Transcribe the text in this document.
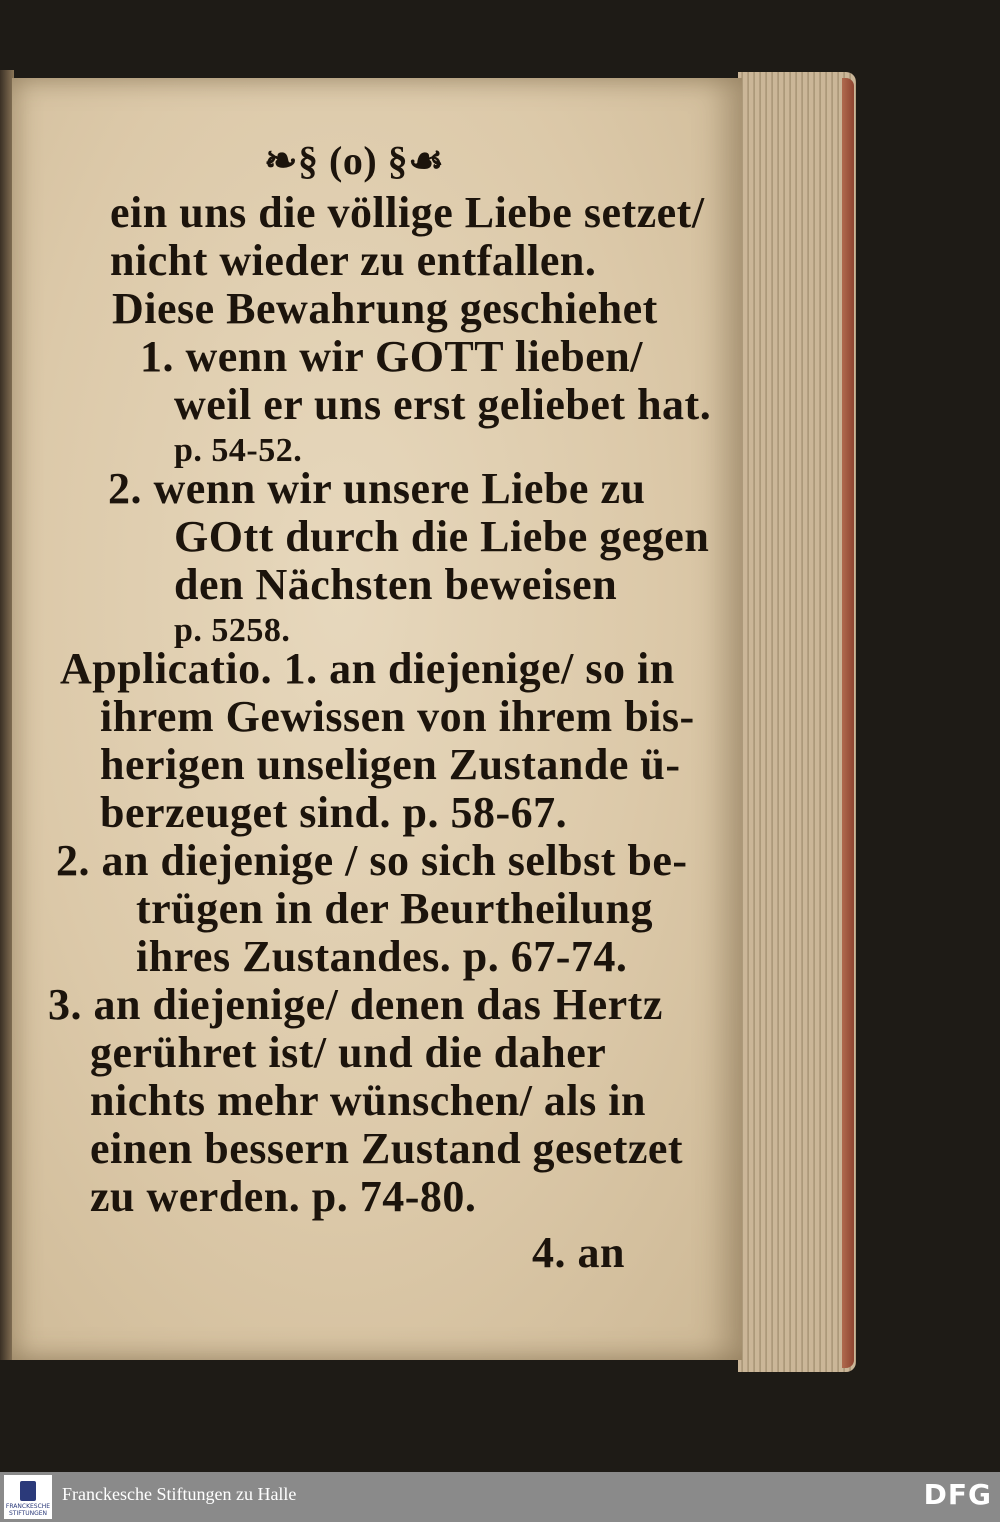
❧§ (o) §☙
ein uns die völlige Liebe setzet/
nicht wieder zu entfallen.
Diese Bewahrung geschiehet
1. wenn wir GOTT lieben/
weil er uns erst geliebet hat.
p. 54-52.
2. wenn wir unsere Liebe zu
GOtt durch die Liebe gegen
den Nächsten beweisen
p. 5258.
Applicatio. 1. an diejenige/ so in
ihrem Gewissen von ihrem bis-
herigen unseligen Zustande ü-
berzeuget sind. p. 58-67.
2. an diejenige / so sich selbst be-
trügen in der Beurtheilung
ihres Zustandes. p. 67-74.
3. an diejenige/ denen das Hertz
gerühret ist/ und die daher
nichts mehr wünschen/ als in
einen bessern Zustand gesetzet
zu werden. p. 74-80.
4. an
FRANCKESCHE STIFTUNGEN
Franckesche Stiftungen zu Halle	DFG
